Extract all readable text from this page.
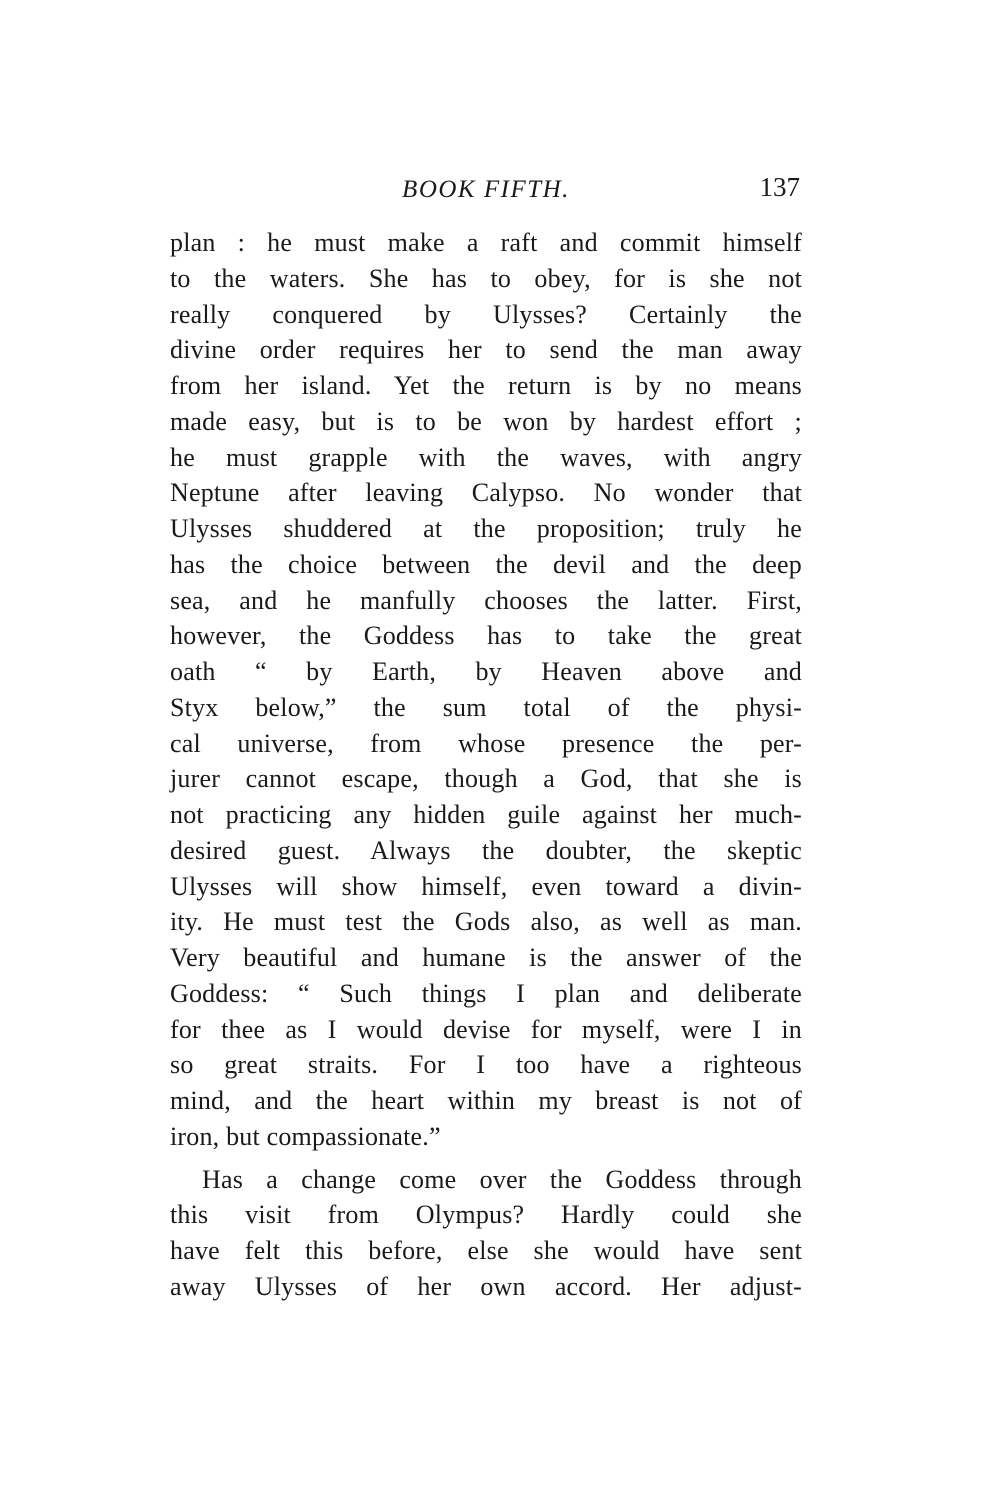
BOOK FIFTH.	137
plan : he must make a raft and commit himself
to the waters. She has to obey, for is she not
really conquered by Ulysses? Certainly the
divine order requires her to send the man away
from her island. Yet the return is by no means
made easy, but is to be won by hardest effort ;
he must grapple with the waves, with angry
Neptune after leaving Calypso. No wonder that
Ulysses shuddered at the proposition; truly he
has the choice between the devil and the deep
sea, and he manfully chooses the latter. First,
however, the Goddess has to take the great
oath “ by Earth, by Heaven above and
Styx below,” the sum total of the physi-
cal universe, from whose presence the per-
jurer cannot escape, though a God, that she is
not practicing any hidden guile against her much-
desired guest. Always the doubter, the skeptic
Ulysses will show himself, even toward a divin-
ity. He must test the Gods also, as well as man.
Very beautiful and humane is the answer of the
Goddess: “ Such things I plan and deliberate
for thee as I would devise for myself, were I in
so great straits. For I too have a righteous
mind, and the heart within my breast is not of
iron, but compassionate.”
Has a change come over the Goddess through
this visit from Olympus? Hardly could she
have felt this before, else she would have sent
away Ulysses of her own accord. Her adjust-
